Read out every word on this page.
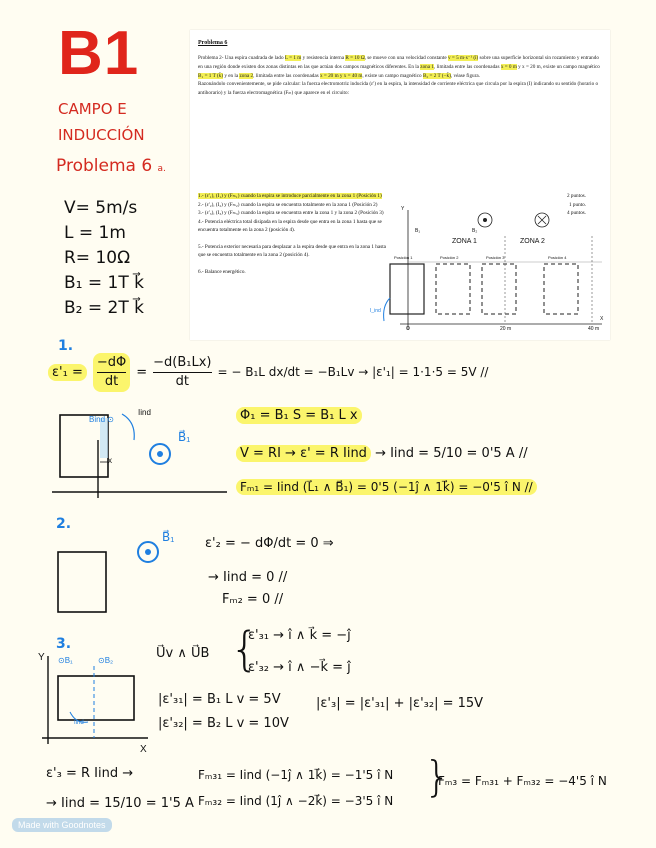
B1
CAMPO E
INDUCCIÓN
Problema 6 a.
V= 5m/s
L = 1m
R= 10Ω
B₁ = 1T k⃗
B₂ = 2T k⃗
Problema 6
Problema 2- Una espira cuadrada de lado L = 1 m y resistencia interna R = 10 Ω, se mueve con una velocidad constante v = 5 m·s⁻¹ (î) sobre una superficie horizontal sin rozamiento y entrando en una región donde existen dos zonas distintas en las que actúan dos campos magnéticos diferentes. En la zona 1, limitada entre las coordenadas x = 0 m y x = 20 m, existe un campo magnético B₁ = 1 T (k̂) y en la zona 2, limitada entre las coordenadas x = 20 m y x = 40 m, existe un campo magnético B₂ = 2 T (−k̂), véase figura.
Razonándolo convenientemente, se pide calcular: la fuerza electromotriz inducida (ε') en la espira, la intensidad de corriente eléctrica que circula por la espira (I) indicando su sentido (horario o antihorario) y la fuerza electromagnética (Fₘ) que aparece en el circuito:
1.- (ε'₁), (I₁) y (Fₘ₁) cuando la espira se introduce parcialmente en la zona 1 (Posición 1)	2 puntos.
2.- (ε'₂), (I₂) y (Fₘ₂) cuando la espira se encuentra totalmente en la zona 1 (Posición 2)	1 punto.
3.- (ε'₃), (I₃) y (Fₘ₃) cuando la espira se encuentra entre la zona 1 y la zona 2 (Posición 3)	4 puntos.
4.- Potencia eléctrica total disipada en la espira desde que entra en la zona 1 hasta que se encuentra totalmente en la zona 2 (posición 4).
5.- Potencia exterior necesaria para desplazar a la espira desde que entra en la zona 1 hasta que se encuentra totalmente en la zona 2 (posición 4).
6.- Balance energético.
B₁	B₂
ZONA 1	ZONA 2
Posición 1	Posición 2	Posición 3	Posición 4
Y
X
O	20 m	40 m
I_ind
1.
$\varepsilon'_1 = \frac{-d\Phi}{dt} = \frac{\text{−d(B₁Lx)}}{dt}$ = − B₁L dx/dt = −B₁Lv → |ε'₁| = 1·1·5 = 5V //
Bind ⊙
x
Iind
B⃗₁
Φ₁ = B₁ S = B₁ L x
V = RI → ε' = R Iind → Iind = 5/10 = 0'5 A //
Fₘ₁ = Iind (L⃗₁ ∧ B⃗₁) = 0'5 (−1ĵ ∧ 1k⃗) = −0'5 î N //
2.
B⃗₁ ε'₂ = − dΦ/dt = 0 ⇒
→ Iind = 0 //
Fₘ₂ = 0 //
3.
Y
X
⊙B₁	⊙B₂
Iind
U⃗v ∧ U⃗B {
ε'₃₁ → î ∧ k⃗ = −ĵ
ε'₃₂ → î ∧ −k⃗ = ĵ
|ε'₃₁| = B₁ L v = 5V
|ε'₃₂| = B₂ L v = 10V
|ε'₃| = |ε'₃₁| + |ε'₃₂| = 15V
ε'₃ = R Iind →
→ Iind = 15/10 = 1'5 A
Fₘ₃₁ = Iind (−1ĵ ∧ 1k⃗) = −1'5 î N
Fₘ₃₂ = Iind (1ĵ ∧ −2k⃗) = −3'5 î N }
Fₘ₃ = Fₘ₃₁ + Fₘ₃₂ = −4'5 î N
Made with Goodnotes
